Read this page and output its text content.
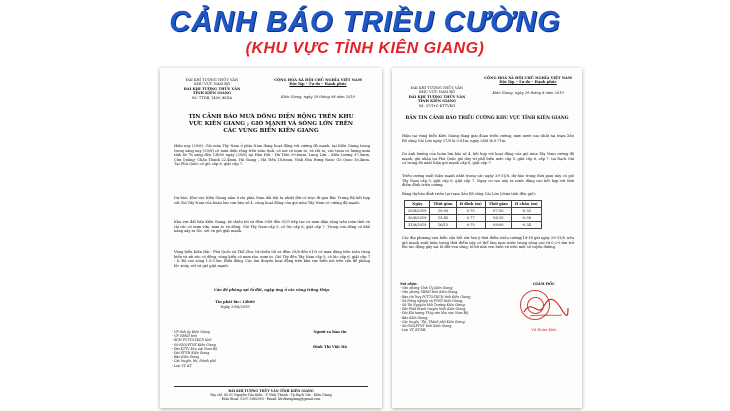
CẢNH BÁO TRIỀU CƯỜNG
(KHU VỰC TỈNH KIÊN GIANG)
ĐÀI KHÍ TƯỢNG THỦY VĂN
KHU VỰC NAM BỘ
ĐÀI KHÍ TƯỢNG THỦY VĂN
TỈNH KIÊN GIANG
Số: TTDB_1400 /KGIA
CỘNG HOÀ XÃ HỘI CHỦ NGHĨA VIỆT NAM
Độc lập – Tự do – Hạnh phúc
Kiên Giang, ngày 29 tháng 08 năm 2019
TIN CẢNH BÁO MƯA DÔNG DIỆN RỘNG TRÊN KHU VỰC KIÊN GIANG ; GIÓ MẠNH VÀ SÓNG LỚN TRÊN CÁC VÙNG BIỂN KIÊN GIANG
Hiện nay (29/8): Gió mùa Tây Nam ở phía Nam đang hoạt động với cường độ mạnh, tại Kiên Giang trong trong sáng nay (29/8) có mưa diện rộng trên toàn tỉnh, có nơi có mưa to, và rất to; các trạm có lượng mưa tính từ 7h sáng đến 13h00 ngày (29/8) tại Hòn Đất - Hà Tiên 59,6mm, Lung Lớn – Kiên Lương 37,0mm, Cửa Quảng- Châu Thành 22,4mm, Hà Giang – Hà Tiên 18,6mm, Vĩnh Hòa Hưng Nam- Gò Quao 16,4mm. Tại Phú Quốc có gió cấp 6, giật cấp 7.
Dự báo: Khu vực Kiên Giang nằm ở rìa phía Nam dải hội tụ nhiệt đới có trục đi qua Bắc Trung Bộ kết hợp với Gió Tây Nam của hoàn lưu cơn bão số 4, cùng hoạt động của gió mùa Tây Nam có cường độ mạnh:
Khu vực đất liền Kiên Giang: từ chiều tối và đêm 29/8 đến 01/9 tiếp tục có mưa diện rộng trên toàn tỉnh và rải rác có mưa vừa, mưa to và dông. Gió Tây Nam cấp 5, có lúc cấp 6, giật cấp 7. Trong cơn dông có khả năng xảy ra lốc, sét và gió giật mạnh.
Vùng biển Kiên Hải - Phú Quốc và Thổ Chu: từ chiều tối và đêm 29/8 đến 01/9 có mưa dông trên toàn vùng biển và rải rác có dông, vùng biển có mưa rào, mưa to. Gió Tây đến Tây Nam cấp 5, có lúc cấp 6, giật cấp 7 - 8. Độ cao sóng 1.5-3.0m. Biển động. Các tàu thuyền hoạt động trên khu vực biển nói trên cần đề phòng lốc xoáy, sét và gió giật mạnh.
Cần đề phòng sạt lở đất, ngập úng ở các vùng trũng thấp.
Tin phát lúc: 14h00
Ngày 29/8/2019
- VP tỉnh ủy Kiên Giang
- VP UBND tỉnh
- BCH PCTT&TKCN tỉnh
- Sở NN&PTNT Kiên Giang
- Đài KTTV khu vực Nam Bộ
- Đài PT-TH Kiên Giang
- Báo Kiên Giang
- Các huyện, thị, thành phố
- Lưu VT, KT
Người ra bản tin
Đinh Thị Việt Hà
ĐÀI KHÍ TƯỢNG THỦY VĂN TỈNH KIÊN GIANG
Địa chỉ: Số 01 Nguyễn Văn Kiến - P. Vĩnh Thanh - Tp.Rạch Giá - Kiên Giang
Điện thoại: 0297.3862093 - Email: kttvkiengiang@gmail.com
ĐÀI KHÍ TƯỢNG THỦY VĂN
KHU VỰC NAM BỘ
ĐÀI KHÍ TƯỢNG THỦY VĂN
TỈNH KIÊN GIANG
Số: 37/TrC-KTTVKG
CỘNG HOÀ XÃ HỘI CHỦ NGHĨA VIỆT NAM
Độc lập – Tự do – Hạnh phúc
Kiên Giang, ngày 29 tháng 8 năm 2019
BẢN TIN CẢNH BÁO TRIỀU CƯỜNG KHU VỰC TỈNH KIÊN GIANG
Hiện tại vùng biển Kiên Giang đang giai đoạn triều cường, mực nước cao nhất tại trạm Xẻo Rô sông Cái Lớn ngày 27/8 là 0.81m; ngày 28/8 là 0.71m.
Do ảnh hưởng của hoàn lưu bão số 4, kết hợp với hoạt động của gió mùa Tây Nam cường độ mạnh, ghi nhận tại Phú Quốc gió duy trì phổ biến mức cấp 5, giật cấp 6, cấp 7, tại Rạch Giá có trong đó xuất hiện gió mạnh cấp 6, giật cấp 7.
Triều cường xuất hiện mạnh nhất trong các ngày 29-31/8, dự báo trong thời gian này có gió Tây Nam cấp 5, giật cấp 6, giật cấp 7. Ngay cơ cao xảy ra nước dâng cao kết hợp với thời điểm đỉnh triều cường.
Bảng dự báo đỉnh triều tại trạm Xẻo Rô sông Cái Lớn (chưa tính đến gió):
Ngày	Thời gian	H đỉnh (m)	Thời gian	H chân (m)
29/8/2019	15:00	0.75	07:30	-0.35
30/8/2019	15:45	0.77	08:15	-0.38
31/8/2019	16/15	0.75	09:00	-0.34
Các địa phương ven biển cần hết sức lưu ý thời điểm triều cường(14-16 giờ ngày 29-31/8, nếu gió mạnh xuất hiện trong thời điểm này có thể làm mực nước trong sông cao từ 0.2-0.6m trở lên tác động gây sạt lở đất ven sông, lở bờ nhà ven biển và trên một số tuyến đường.
Nơi nhận:
- Văn phòng Tỉnh Ủy Kiên Giang;
- Văn phòng UBND tỉnh Kiên Giang;
- Ban chỉ huy PCTT&TKCN tỉnh Kiên Giang;
- Sở Nông nghiệp và PTNT Kiên Giang;
- Sở Tài Nguyên Môi Trường Kiên Giang;
- Đài Phát thanh truyền hình Kiên Giang;
- Đài Khí tượng Thủy văn khu vực Nam Bộ;
- Báo Kiên Giang;
- Các huyện, Thị, Thành phố Kiên Giang;
- Sở NN&PTNT tỉnh Kiên Giang;
- Lưu VT, KT-DB.
GIÁM ĐỐC
Vũ Hoàn Kiên
